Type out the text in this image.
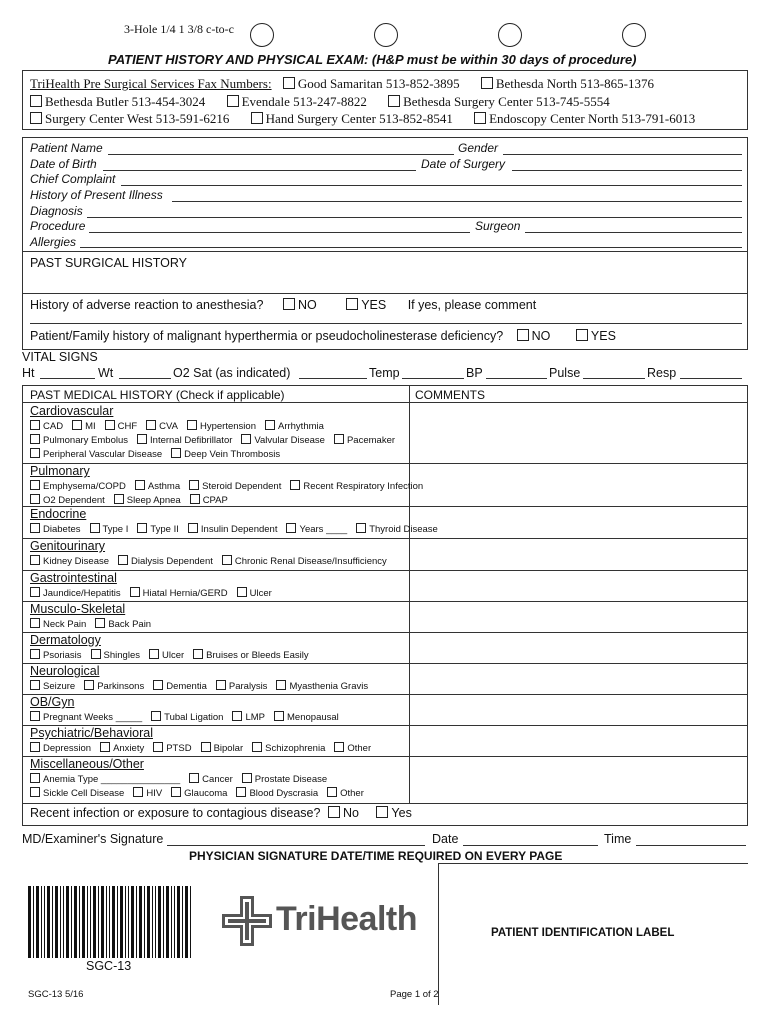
3-Hole 1/4 1 3/8 c-to-c
PATIENT HISTORY AND PHYSICAL EXAM: (H&P must be within 30 days of procedure)
TriHealth Pre Surgical Services Fax Numbers: Good Samaritan 513-852-3895	Bethesda North 513-865-1376
Bethesda Butler 513-454-3024	Evendale 513-247-8822	Bethesda Surgery Center 513-745-5554
Surgery Center West 513-591-6216	Hand Surgery Center 513-852-8541	Endoscopy Center North 513-791-6013
Patient Name	Gender
Date of Birth	Date of Surgery
Chief Complaint
History of Present Illness
Diagnosis
Procedure	Surgeon
Allergies
PAST SURGICAL HISTORY
History of adverse reaction to anesthesia?	NO	YES If yes, please comment
Patient/Family history of malignant hyperthermia or pseudocholinesterase deficiency? NO	YES
VITAL SIGNS
Ht	Wt	O2 Sat (as indicated)	Temp	BP	Pulse	Resp
PAST MEDICAL HISTORY (Check if applicable)	COMMENTS
Cardiovascular
CAD MI CHF CVA Hypertension Arrhythmia
Pulmonary Embolus Internal Defibrillator Valvular Disease Pacemaker
Peripheral Vascular Disease Deep Vein Thrombosis
Pulmonary
Emphysema/COPD Asthma Steroid Dependent Recent Respiratory Infection
O2 Dependent Sleep Apnea CPAP
Endocrine
Diabetes Type I Type II Insulin Dependent Years ____ Thyroid Disease
Genitourinary
Kidney Disease Dialysis Dependent Chronic Renal Disease/Insufficiency
Gastrointestinal
Jaundice/Hepatitis Hiatal Hernia/GERD Ulcer
Musculo-Skeletal
Neck Pain Back Pain
Dermatology
Psoriasis Shingles Ulcer Bruises or Bleeds Easily
Neurological
Seizure Parkinsons Dementia Paralysis Myasthenia Gravis
OB/Gyn
Pregnant Weeks _____ Tubal Ligation LMP Menopausal
Psychiatric/Behavioral
Depression Anxiety PTSD Bipolar Schizophrenia Other
Miscellaneous/Other
Anemia Type _______________ Cancer Prostate Disease
Sickle Cell Disease HIV Glaucoma Blood Dyscrasia Other
Recent infection or exposure to contagious disease? No	Yes
MD/Examiner's Signature	Date	Time
PHYSICIAN SIGNATURE DATE/TIME REQUIRED ON EVERY PAGE
SGC-13
TriHealth
SGC-13 5/16	Page 1 of 2
PATIENT IDENTIFICATION LABEL
